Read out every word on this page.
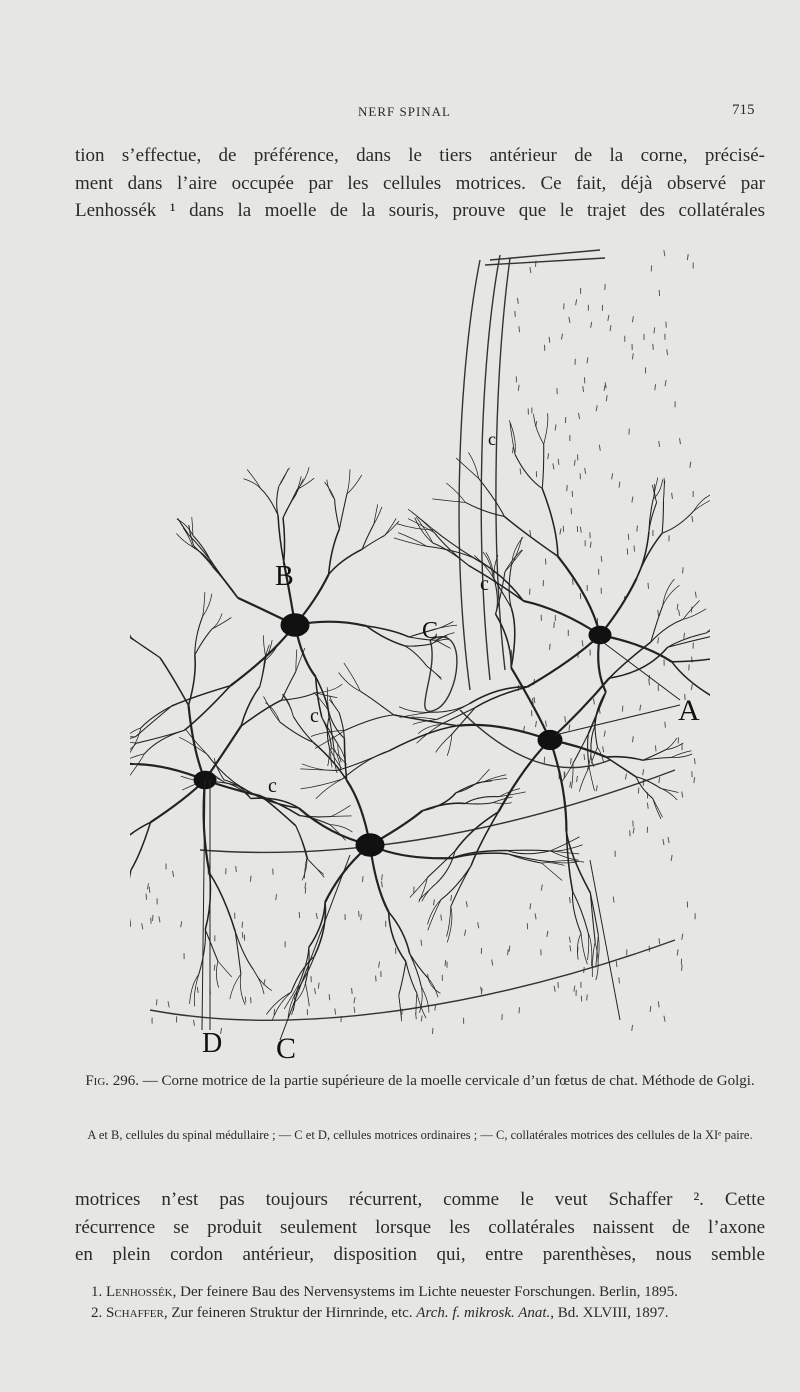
NERF SPINAL	715

tion s’effectue, de préférence, dans le tiers antérieur de la corne, précisé-
ment dans l’aire occupée par les cellules motrices. Ce fait, déjà observé par
Lenhossék ¹ dans la moelle de la souris, prouve que le trajet des collatérales

B
A
D C
C
c
c
c
c
Fig. 296. — Corne motrice de la partie supérieure de la moelle cervicale d’un fœtus de chat. Méthode de Golgi.
A et B, cellules du spinal médullaire ; — C et D, cellules motrices ordinaires ; — C, collatérales motrices des cellules de la XIᵉ paire.

motrices n’est pas toujours récurrent, comme le veut Schaffer ². Cette
récurrence se produit seulement lorsque les collatérales naissent de l’axone
en plein cordon antérieur, disposition qui, entre parenthèses, nous semble

1. Lenhossék, Der feinere Bau des Nervensystems im Lichte neuester Forschungen. Berlin, 1895.

2. Schaffer, Zur feineren Struktur der Hirnrinde, etc. Arch. f. mikrosk. Anat., Bd. XLVIII, 1897.
